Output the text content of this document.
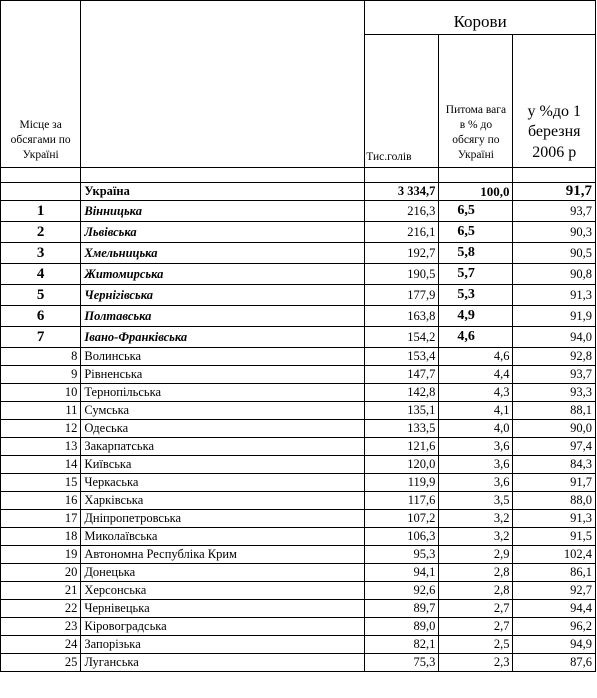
Місце за обсягами по Україні		Корови		
		Тис.голів	Питома вага в % до обсягу по Україні	у %до 1 березня 2006 р

	Україна	3 334,7	100,0	91,7
1	Вінницька	216,3	6,5	93,7
2	Львівська	216,1	6,5	90,3
3	Хмельницька	192,7	5,8	90,5
4	Житомирська	190,5	5,7	90,8
5	Чернігівська	177,9	5,3	91,3
6	Полтавська	163,8	4,9	91,9
7	Івано-Франківська	154,2	4,6	94,0
8	Волинська	153,4	4,6	92,8
9	Рівненська	147,7	4,4	93,7
10	Тернопільська	142,8	4,3	93,3
11	Сумська	135,1	4,1	88,1
12	Одеська	133,5	4,0	90,0
13	Закарпатська	121,6	3,6	97,4
14	Київська	120,0	3,6	84,3
15	Черкаська	119,9	3,6	91,7
16	Харківська	117,6	3,5	88,0
17	Дніпропетровська	107,2	3,2	91,3
18	Миколаївська	106,3	3,2	91,5
19	Автономна Республіка Крим	95,3	2,9	102,4
20	Донецька	94,1	2,8	86,1
21	Херсонська	92,6	2,8	92,7
22	Чернівецька	89,7	2,7	94,4
23	Кіровоградська	89,0	2,7	96,2
24	Запорізька	82,1	2,5	94,9
25	Луганська	75,3	2,3	87,6
